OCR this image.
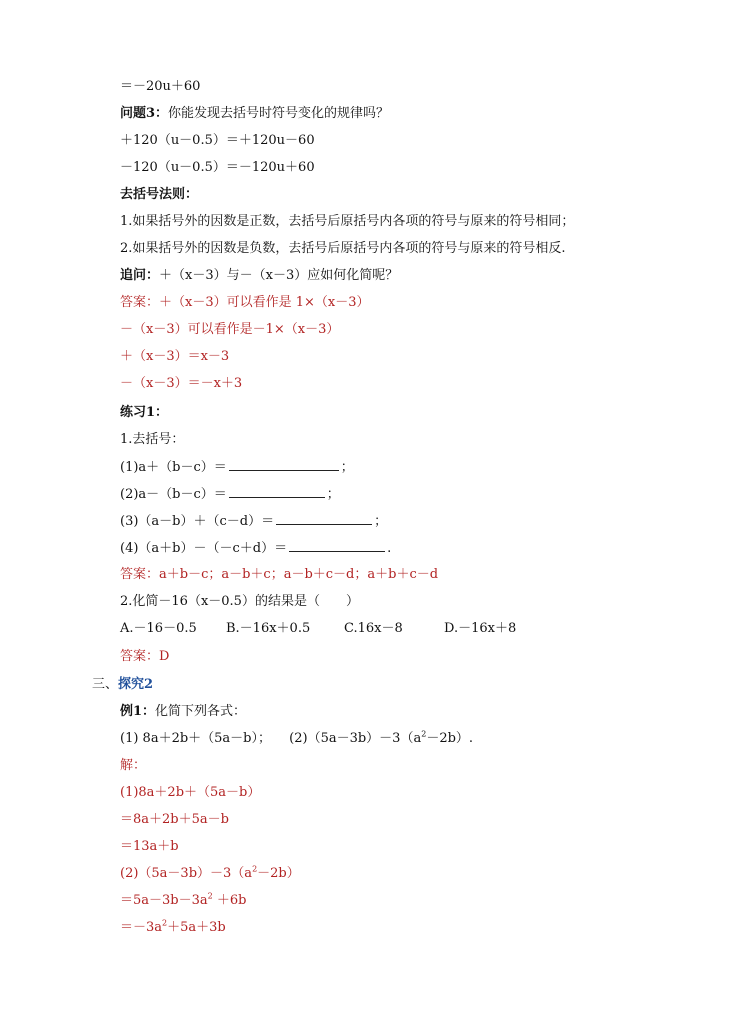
＝－20u＋60
问题3：你能发现去括号时符号变化的规律吗？
＋120（u－0.5）＝＋120u－60
－120（u－0.5）＝－120u＋60
去括号法则：
1.如果括号外的因数是正数，去括号后原括号内各项的符号与原来的符号相同；
2.如果括号外的因数是负数，去括号后原括号内各项的符号与原来的符号相反.
追问：＋（x－3）与－（x－3）应如何化简呢？
答案：＋（x－3）可以看作是 1×（x－3）
－（x－3）可以看作是－1×（x－3）
＋（x－3）＝x－3
－（x－3）＝－x＋3
练习1：
1.去括号：
(1)a＋（b－c）＝	；
(2)a－（b－c）＝	；
(3)（a－b）＋（c－d）＝	；
(4)（a＋b）－（－c＋d）＝	.
答案：a＋b－c；a－b＋c；a－b＋c－d；a＋b＋c－d
2.化简－16（x－0.5）的结果是（　　）
A.－16－0.5 B.－16x＋0.5	C.16x－8	D.－16x＋8
答案：D
三、探究2
例1：化简下列各式：
(1) 8a＋2b＋（5a－b）； $(2)(5a-3b)-3(a^2-2b)$.
解：
(1)8a＋2b＋（5a－b）
＝8a＋2b＋5a－b
＝13a＋b
$(2)(5a-3b)-3(a^2-2b)$
$=5a-3b-3a^2 +6b$
$=-3a^2+5a+3b$
